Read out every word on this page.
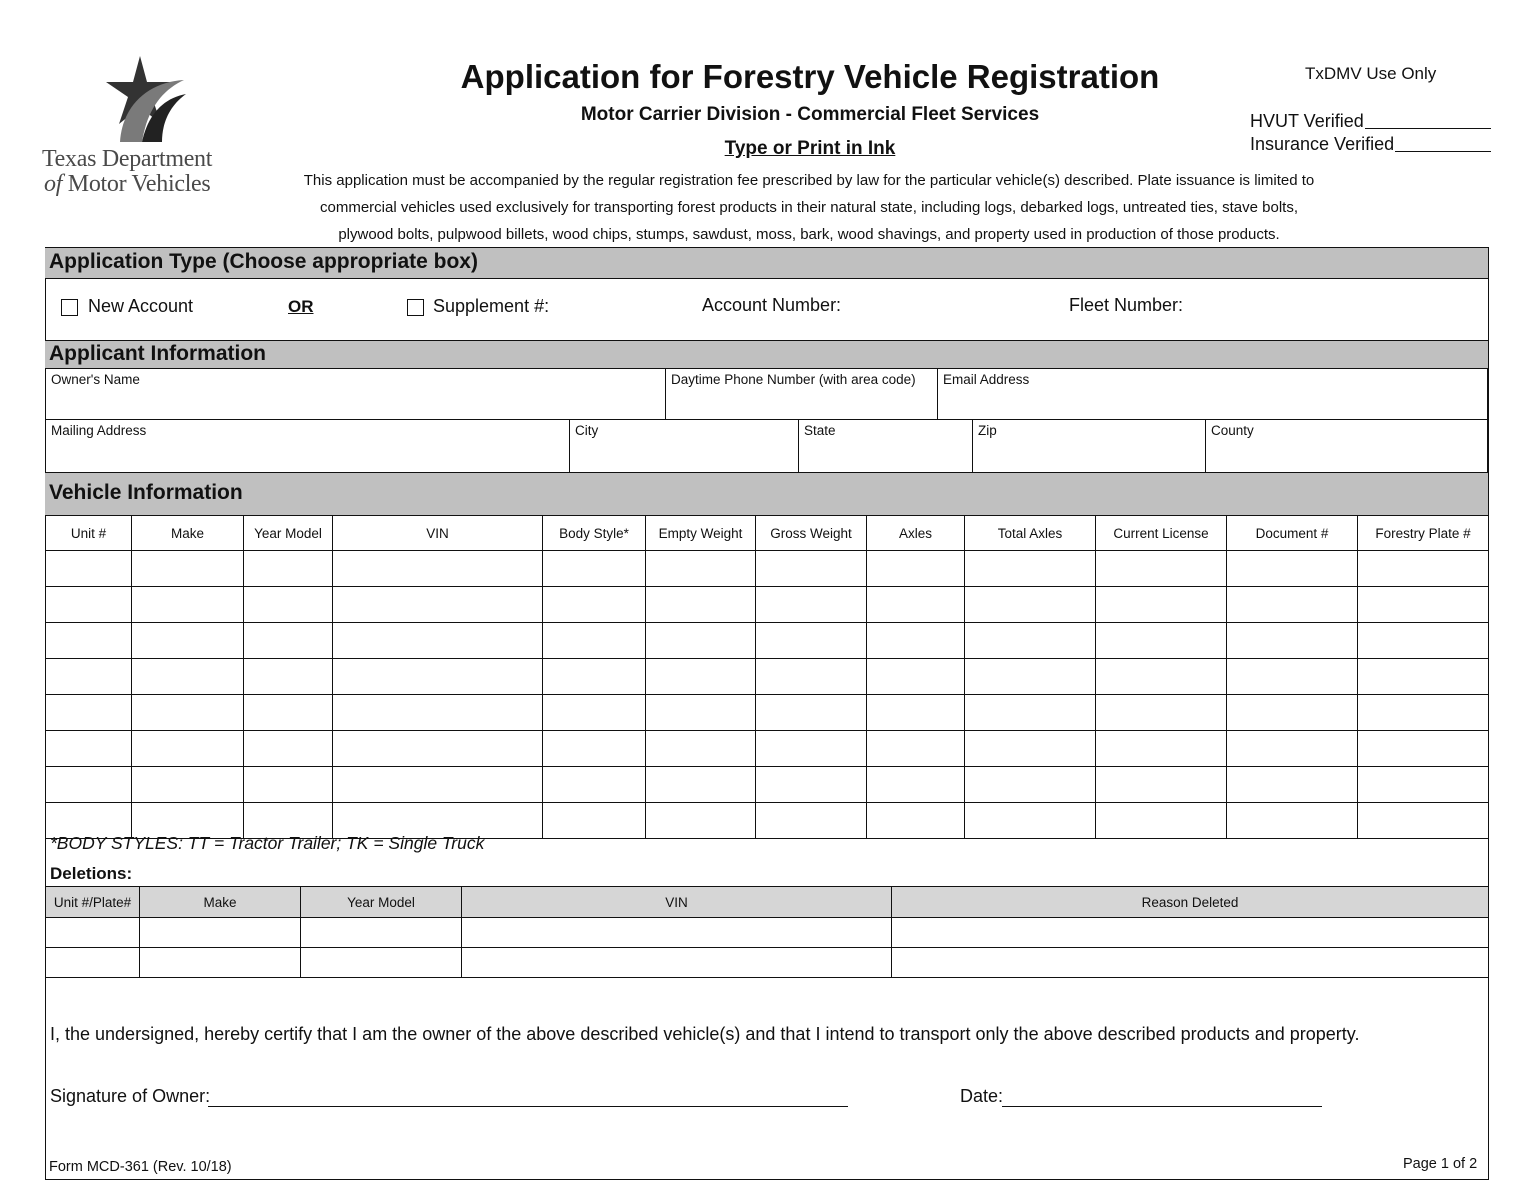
Texas Department
of Motor Vehicles
Application for Forestry Vehicle Registration
Motor Carrier Division - Commercial Fleet Services
Type or Print in Ink
TxDMV Use Only
HVUT Verified
Insurance Verified
This application must be accompanied by the regular registration fee prescribed by law for the particular vehicle(s) described. Plate issuance is limited to
commercial vehicles used exclusively for transporting forest products in their natural state, including logs, debarked logs, untreated ties, stave bolts,
plywood bolts, pulpwood billets, wood chips, stumps, sawdust, moss, bark, wood shavings, and property used in production of those products.
Application Type (Choose appropriate box)
New Account	OR	Supplement #:	Account Number:	Fleet Number:
Applicant Information
Owner's Name	Daytime Phone Number (with area code)	Email Address
Mailing Address	City	State	Zip	County
Vehicle Information
Unit #	Make	Year Model	VIN	Body Style*	Empty Weight	Gross Weight	Axles	Total Axles	Current License	Document #	Forestry Plate #

*BODY STYLES: TT = Tractor Trailer; TK = Single Truck
Deletions:
Unit #/Plate#	Make	Year Model	VIN	Reason Deleted

I, the undersigned, hereby certify that I am the owner of the above described vehicle(s) and that I intend to transport only the above described products and property.
Signature of Owner:	Date:
Form MCD-361 (Rev. 10/18)	Page 1 of 2
